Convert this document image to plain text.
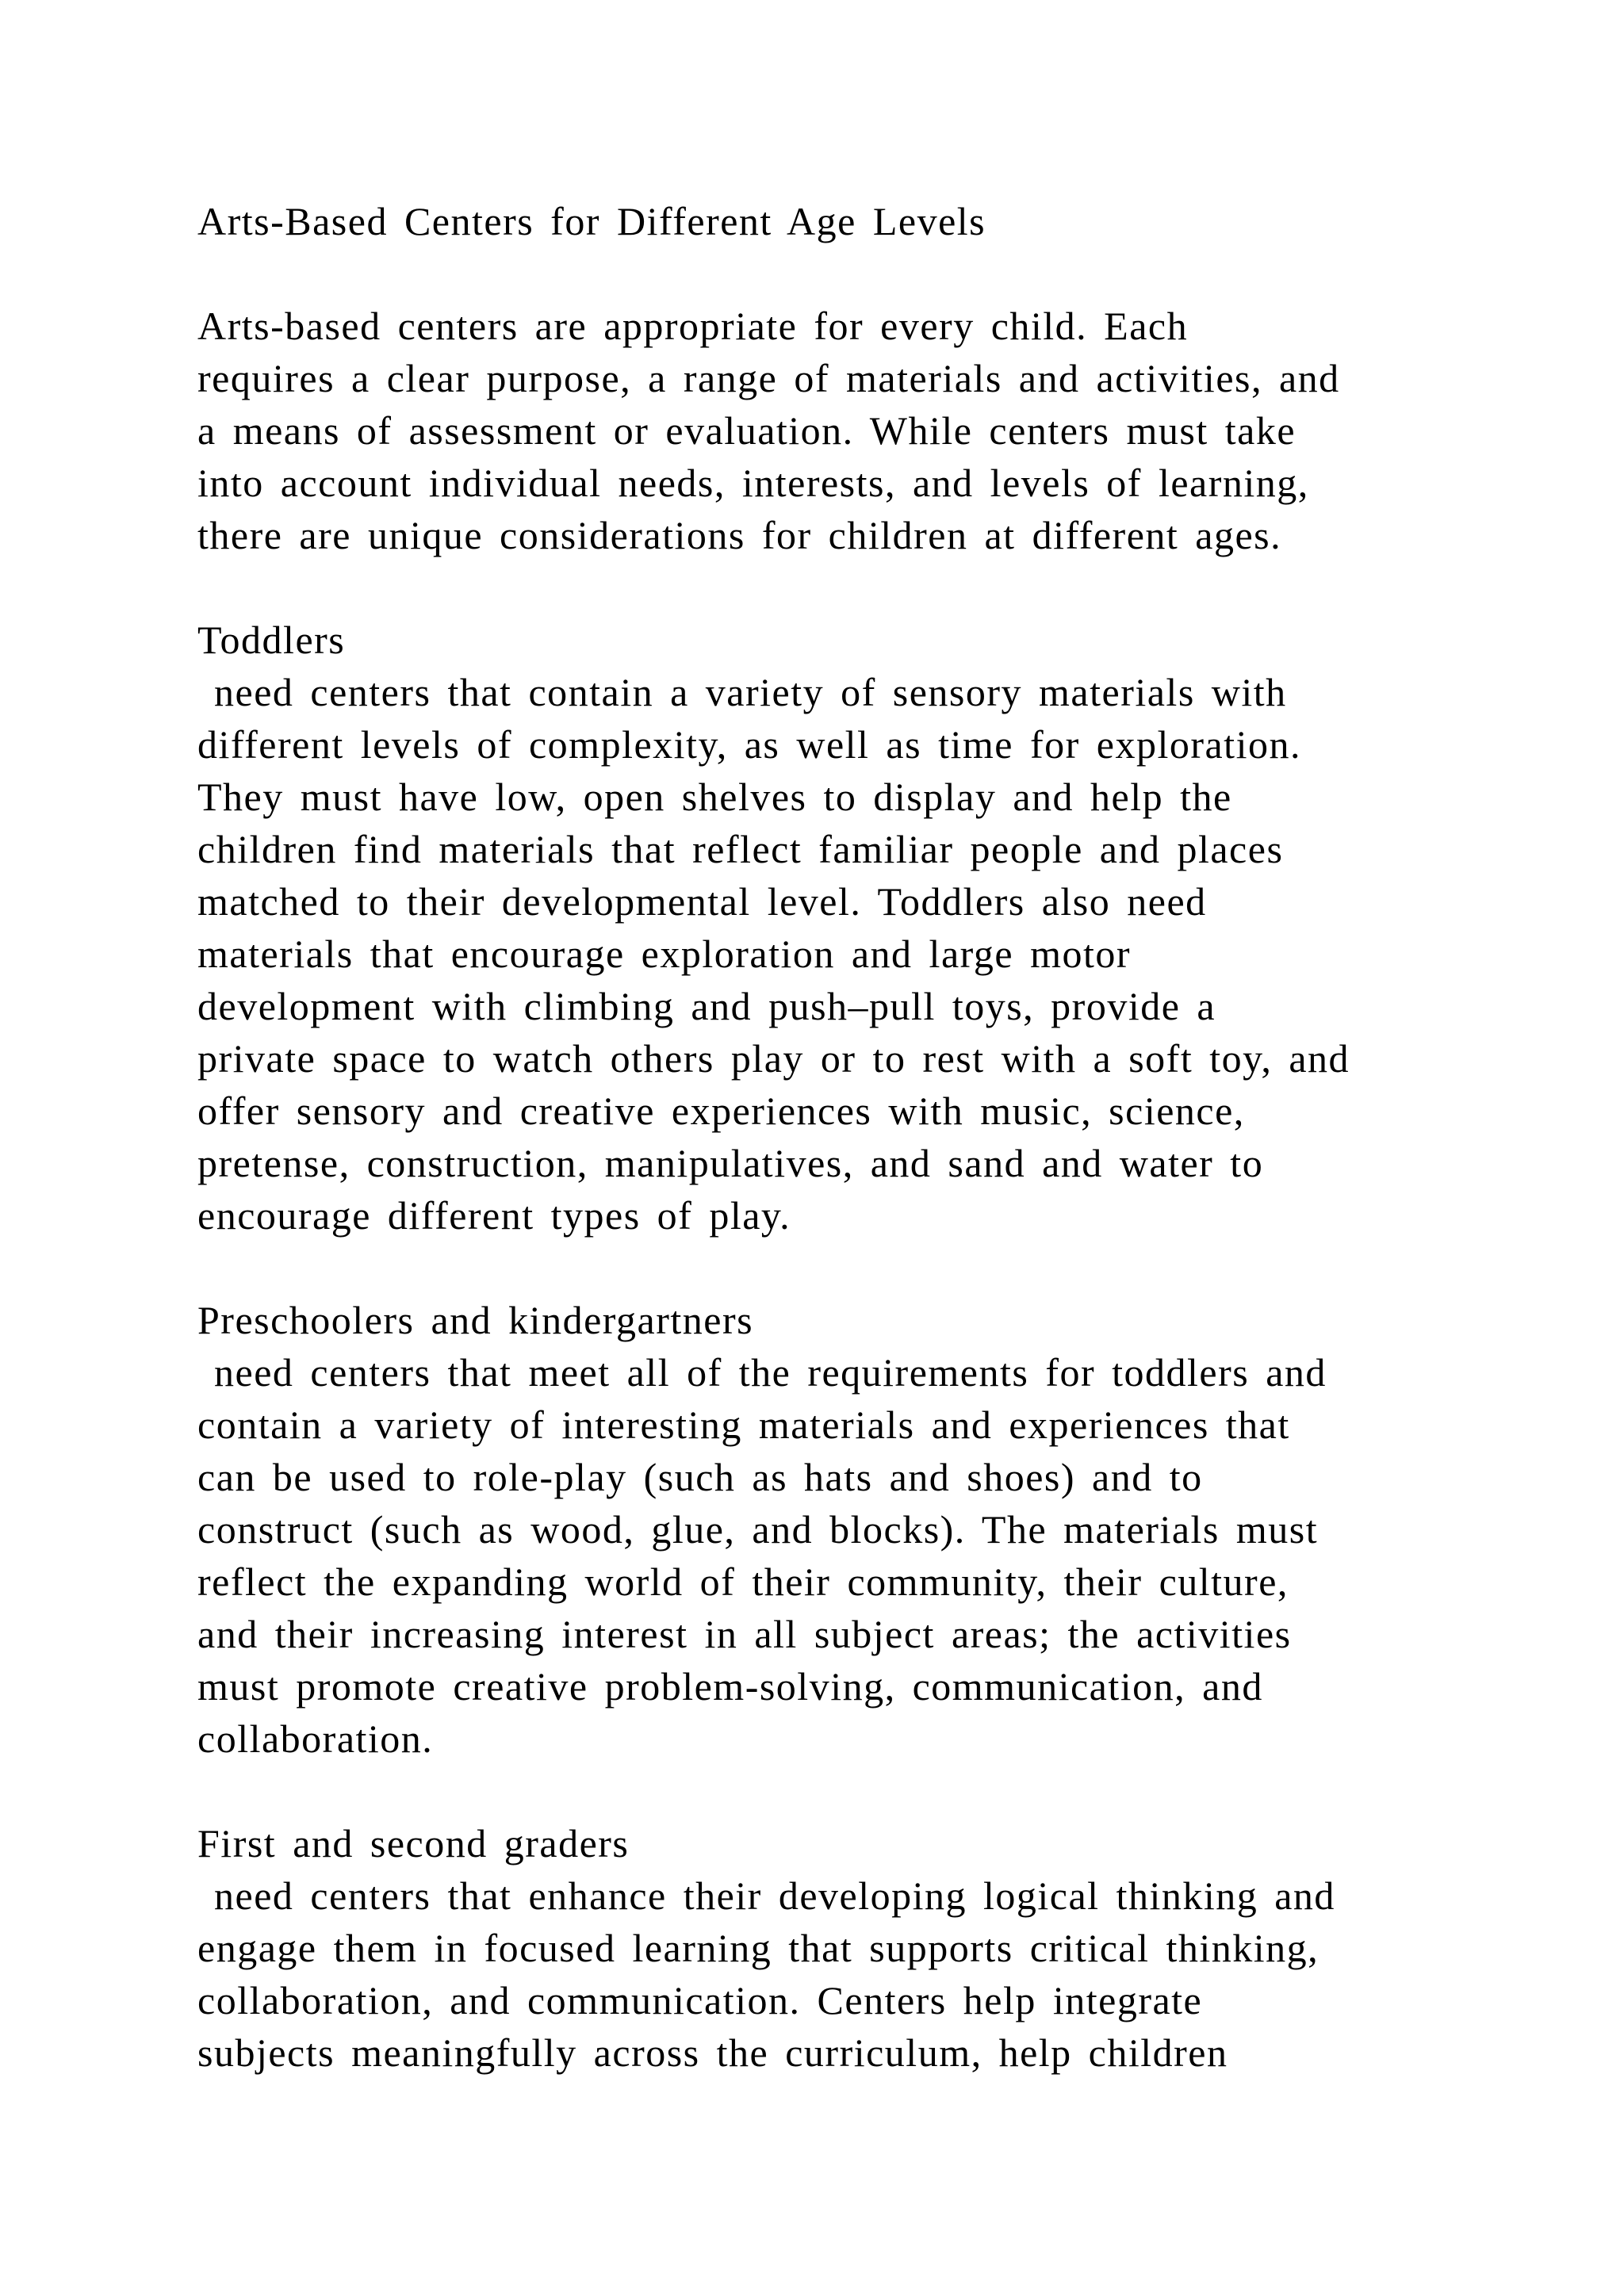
Arts-Based Centers for Different Age Levels
Arts-based centers are appropriate for every child. Each
requires a clear purpose, a range of materials and activities, and
a means of assessment or evaluation. While centers must take
into account individual needs, interests, and levels of learning,
there are unique considerations for children at different ages.
Toddlers
need centers that contain a variety of sensory materials with
different levels of complexity, as well as time for exploration.
They must have low, open shelves to display and help the
children find materials that reflect familiar people and places
matched to their developmental level. Toddlers also need
materials that encourage exploration and large motor
development with climbing and push–pull toys, provide a
private space to watch others play or to rest with a soft toy, and
offer sensory and creative experiences with music, science,
pretense, construction, manipulatives, and sand and water to
encourage different types of play.
Preschoolers and kindergartners
need centers that meet all of the requirements for toddlers and
contain a variety of interesting materials and experiences that
can be used to role-play (such as hats and shoes) and to
construct (such as wood, glue, and blocks). The materials must
reflect the expanding world of their community, their culture,
and their increasing interest in all subject areas; the activities
must promote creative problem-solving, communication, and
collaboration.
First and second graders
need centers that enhance their developing logical thinking and
engage them in focused learning that supports critical thinking,
collaboration, and communication. Centers help integrate
subjects meaningfully across the curriculum, help children
